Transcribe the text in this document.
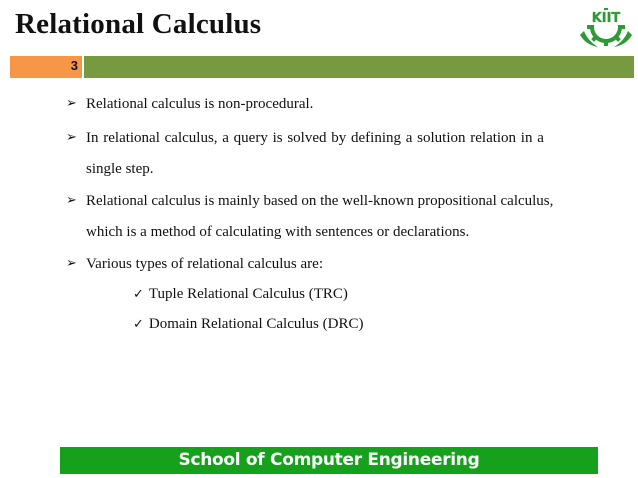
Relational Calculus	KIIT
3
➢ Relational calculus is non-procedural.
➢ In relational calculus, a query is solved by defining a solution relation in a
single step.
➢ Relational calculus is mainly based on the well-known propositional calculus,
which is a method of calculating with sentences or declarations.
➢ Various types of relational calculus are:
✓ Tuple Relational Calculus (TRC)
✓ Domain Relational Calculus (DRC)
School of Computer Engineering
